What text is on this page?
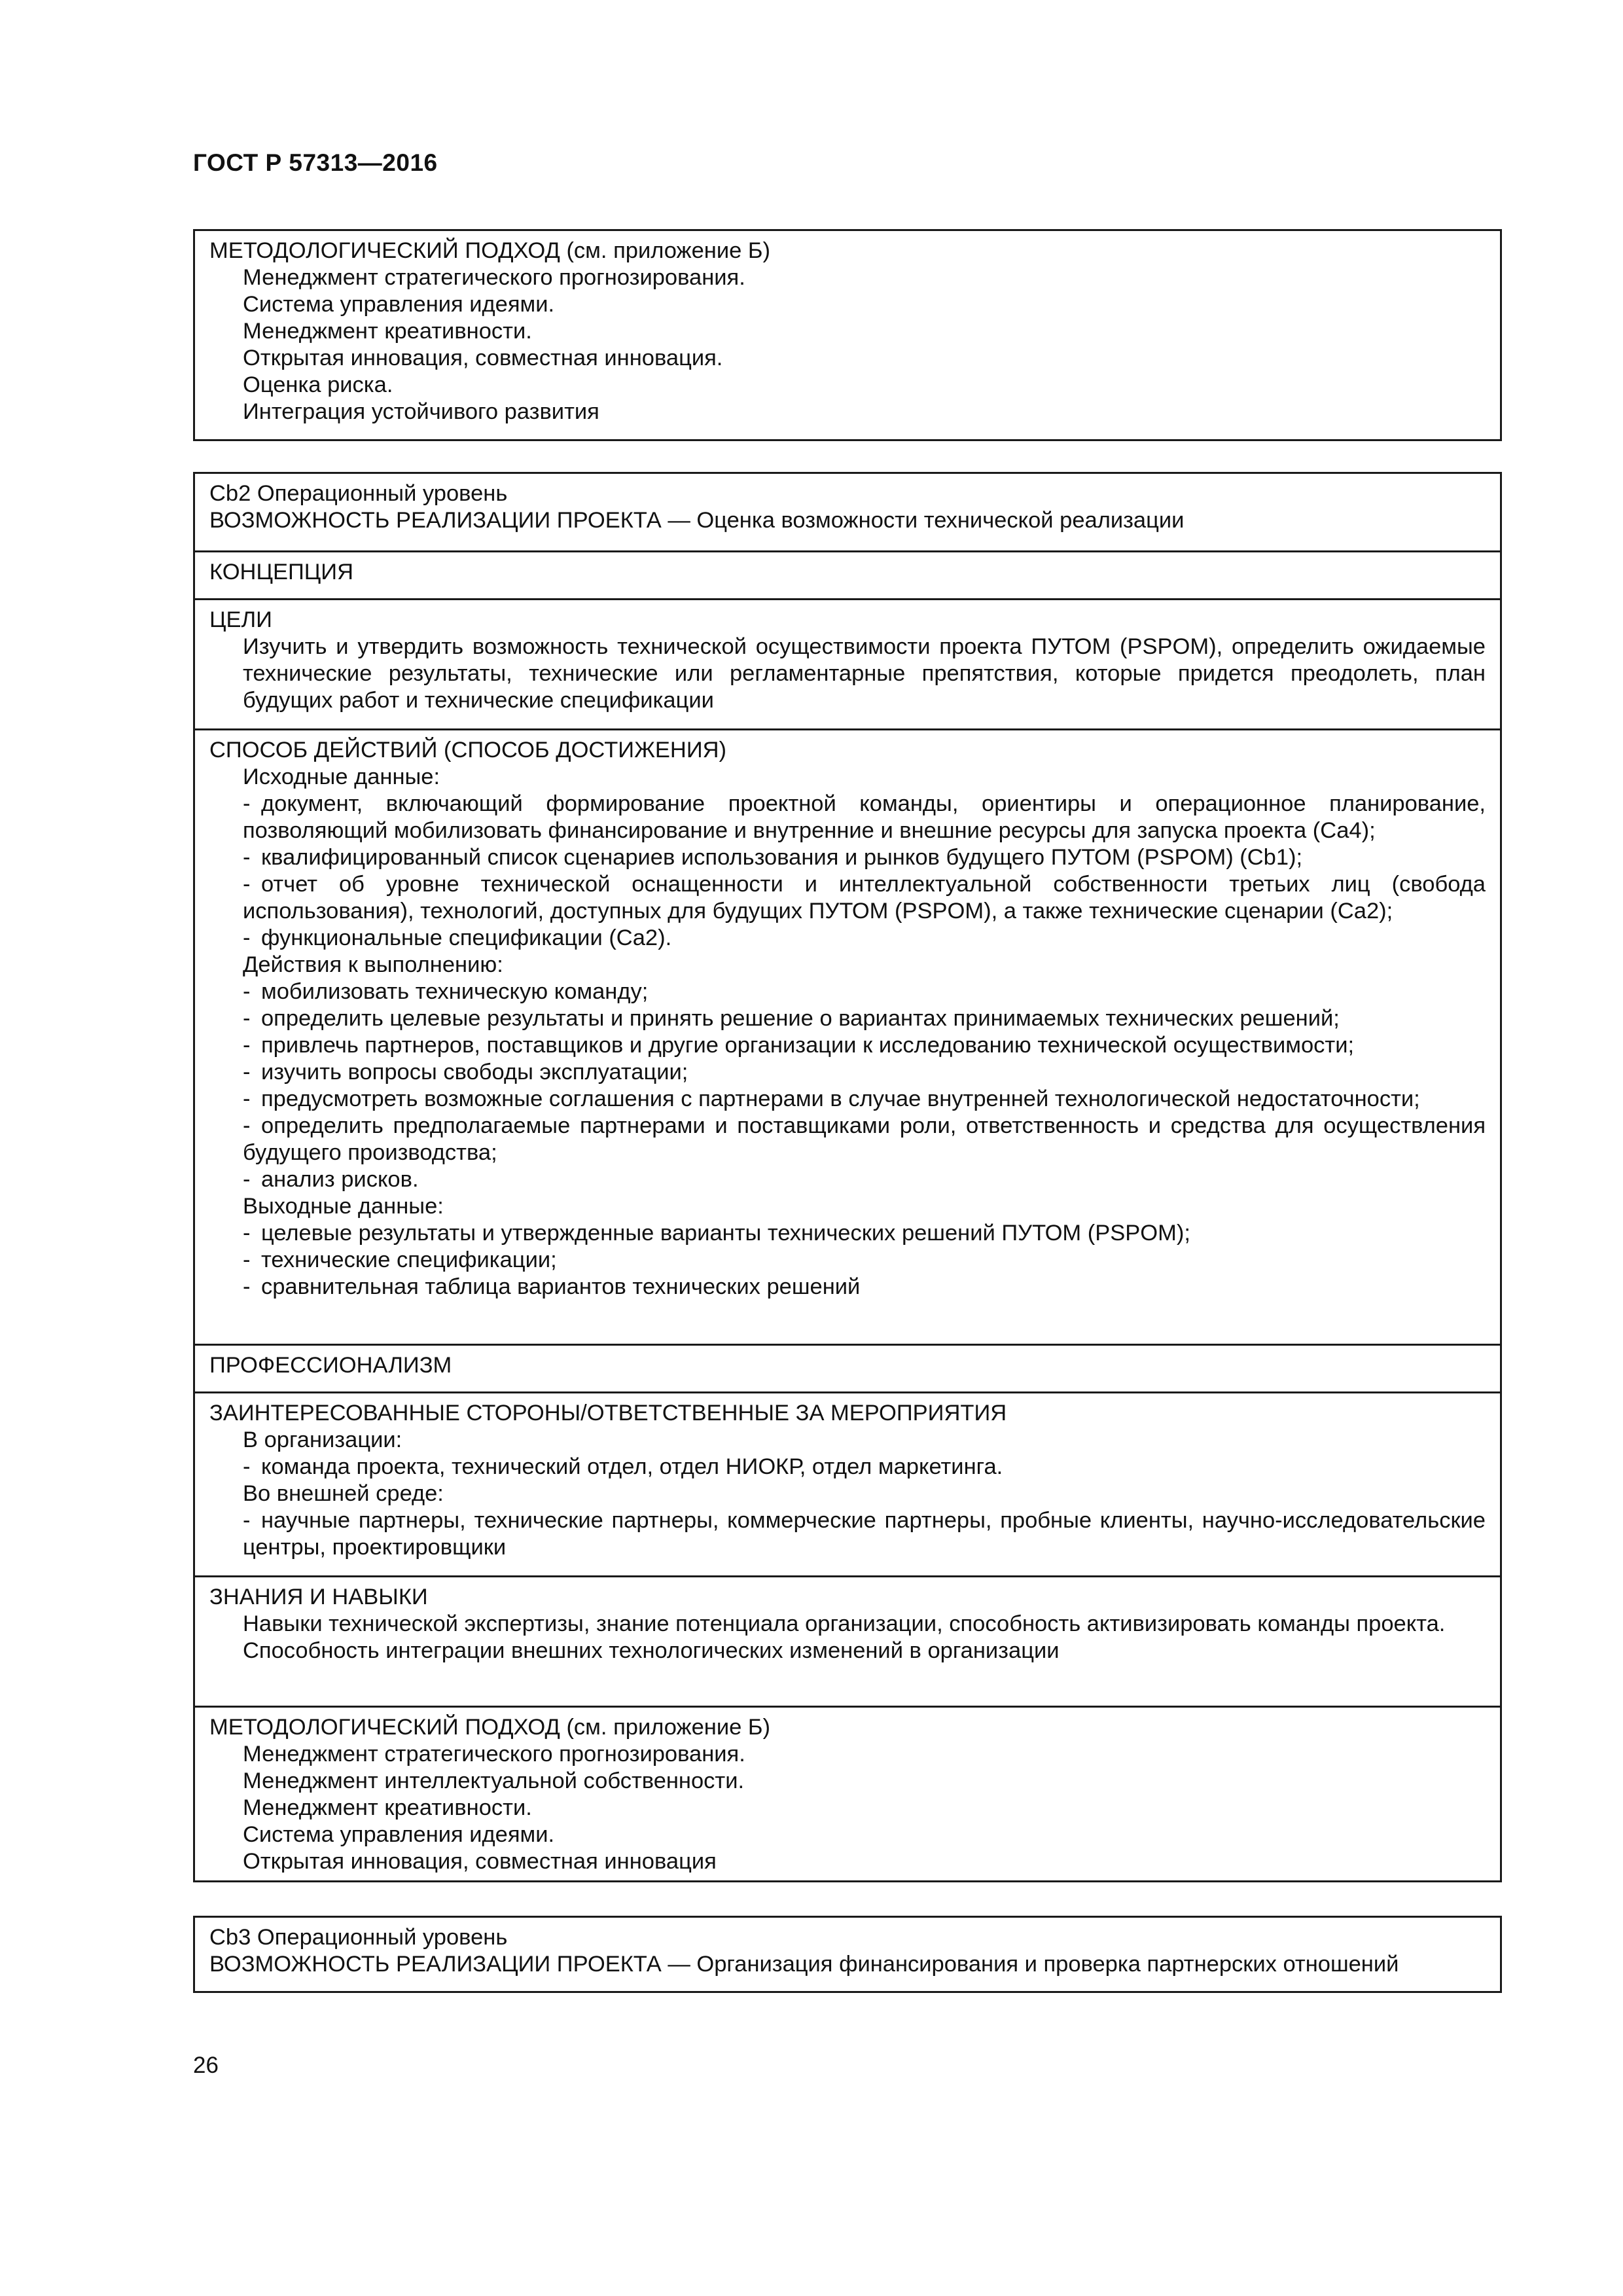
ГОСТ Р 57313—2016
МЕТОДОЛОГИЧЕСКИЙ ПОДХОД (см. приложение Б)
Менеджмент стратегического прогнозирования.
Система управления идеями.
Менеджмент креативности.
Открытая инновация, совместная инновация.
Оценка риска.
Интеграция устойчивого развития
Cb2 Операционный уровень
ВОЗМОЖНОСТЬ РЕАЛИЗАЦИИ ПРОЕКТА — Оценка возможности технической реализации
КОНЦЕПЦИЯ
ЦЕЛИ
Изучить и утвердить возможность технической осуществимости проекта ПУТОМ (PSPOM), определить ожидаемые технические результаты, технические или регламентарные препятствия, которые придется преодолеть, план будущих работ и технические спецификации
СПОСОБ ДЕЙСТВИЙ (СПОСОБ ДОСТИЖЕНИЯ)
Исходные данные:
- документ, включающий формирование проектной команды, ориентиры и операционное планирование, позволяющий мобилизовать финансирование и внутренние и внешние ресурсы для запуска проекта (Ca4);
- квалифицированный список сценариев использования и рынков будущего ПУТОМ (PSPOM) (Cb1);
- отчет об уровне технической оснащенности и интеллектуальной собственности третьих лиц (свобода использования), технологий, доступных для будущих ПУТОМ (PSPOM), а также технические сценарии (Ca2);
- функциональные спецификации (Ca2).
Действия к выполнению:
- мобилизовать техническую команду;
- определить целевые результаты и принять решение о вариантах принимаемых технических решений;
- привлечь партнеров, поставщиков и другие организации к исследованию технической осуществимости;
- изучить вопросы свободы эксплуатации;
- предусмотреть возможные соглашения с партнерами в случае внутренней технологической недостаточности;
- определить предполагаемые партнерами и поставщиками роли, ответственность и средства для осуществления будущего производства;
- анализ рисков.
Выходные данные:
- целевые результаты и утвержденные варианты технических решений ПУТОМ (PSPOM);
- технические спецификации;
- сравнительная таблица вариантов технических решений
ПРОФЕССИОНАЛИЗМ
ЗАИНТЕРЕСОВАННЫЕ СТОРОНЫ/ОТВЕТСТВЕННЫЕ ЗА МЕРОПРИЯТИЯ
В организации:
- команда проекта, технический отдел, отдел НИОКР, отдел маркетинга.
Во внешней среде:
- научные партнеры, технические партнеры, коммерческие партнеры, пробные клиенты, научно-исследовательские центры, проектировщики
ЗНАНИЯ И НАВЫКИ
Навыки технической экспертизы, знание потенциала организации, способность активизировать команды проекта.
Способность интеграции внешних технологических изменений в организации
МЕТОДОЛОГИЧЕСКИЙ ПОДХОД (см. приложение Б)
Менеджмент стратегического прогнозирования.
Менеджмент интеллектуальной собственности.
Менеджмент креативности.
Система управления идеями.
Открытая инновация, совместная инновация
Cb3 Операционный уровень
ВОЗМОЖНОСТЬ РЕАЛИЗАЦИИ ПРОЕКТА — Организация финансирования и проверка партнерских отношений
26
